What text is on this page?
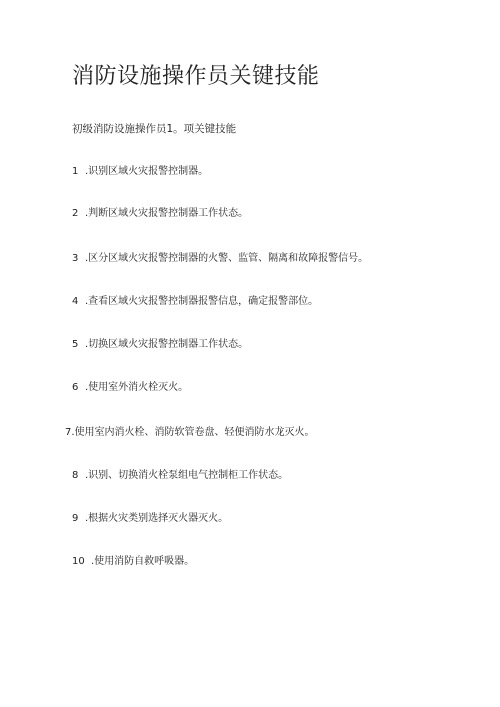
消防设施操作员关键技能
初级消防设施操作员1。项关键技能
1 .识别区域火灾报警控制器。
2 .判断区域火灾报警控制器工作状态。
3 .区分区域火灾报警控制器的火警、监管、隔离和故障报警信号。
4 .查看区域火灾报警控制器报警信息，确定报警部位。
5 .切换区域火灾报警控制器工作状态。
6 .使用室外消火栓灭火。
7.使用室内消火栓、消防软管卷盘、轻便消防水龙灭火。
8 .识别、切换消火栓泵组电气控制柜工作状态。
9 .根据火灾类别选择灭火器灭火。
10 .使用消防自救呼吸器。
